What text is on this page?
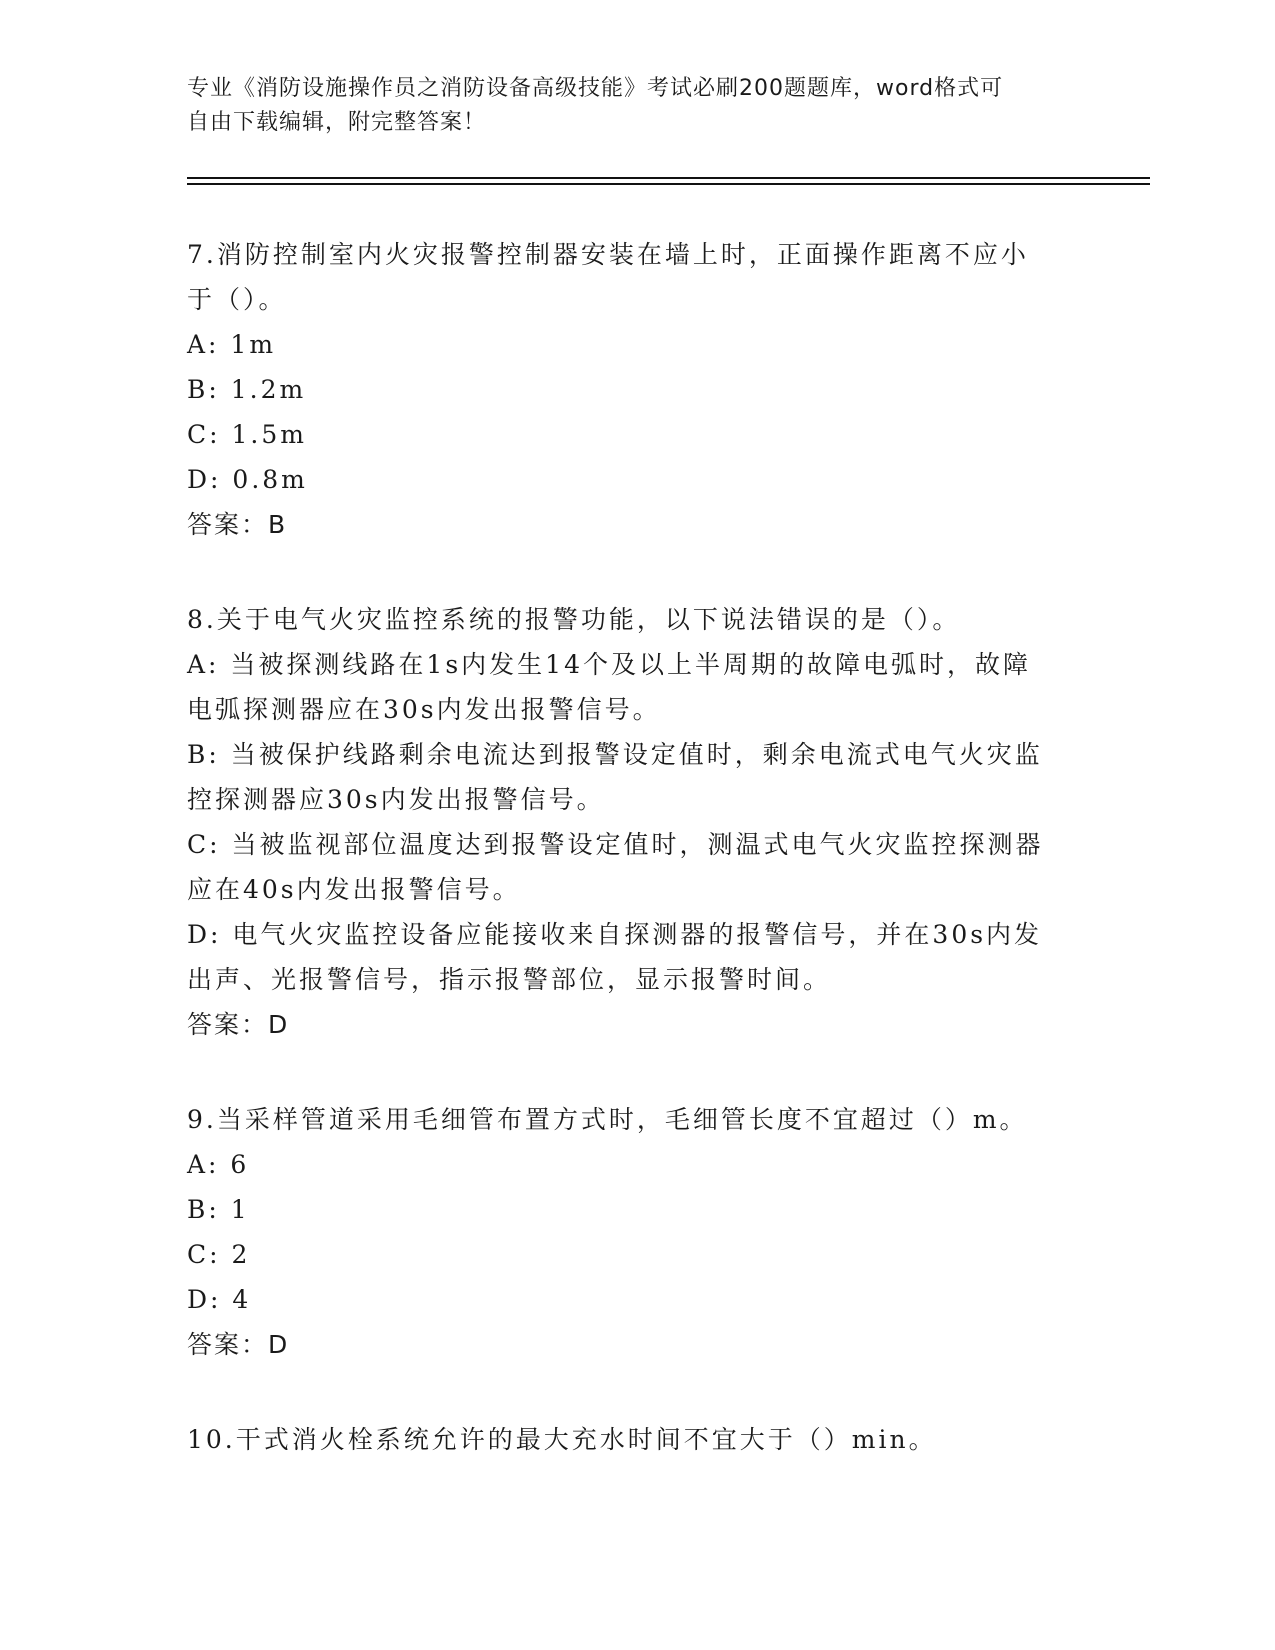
专业《消防设施操作员之消防设备高级技能》考试必刷200题题库，word格式可

自由下载编辑，附完整答案！

7.消防控制室内火灾报警控制器安装在墙上时，正面操作距离不应小

于（）。

A: 1m

B: 1.2m

C: 1.5m

D: 0.8m

答案：B

8.关于电气火灾监控系统的报警功能，以下说法错误的是（）。

A: 当被探测线路在1s内发生14个及以上半周期的故障电弧时，故障

电弧探测器应在30s内发出报警信号。

B: 当被保护线路剩余电流达到报警设定值时，剩余电流式电气火灾监

控探测器应30s内发出报警信号。

C: 当被监视部位温度达到报警设定值时，测温式电气火灾监控探测器

应在40s内发出报警信号。

D: 电气火灾监控设备应能接收来自探测器的报警信号，并在30s内发

出声、光报警信号，指示报警部位，显示报警时间。

答案：D

9.当采样管道采用毛细管布置方式时，毛细管长度不宜超过（）m。

A: 6

B: 1

C: 2

D: 4

答案：D

10.干式消火栓系统允许的最大充水时间不宜大于（）min。
